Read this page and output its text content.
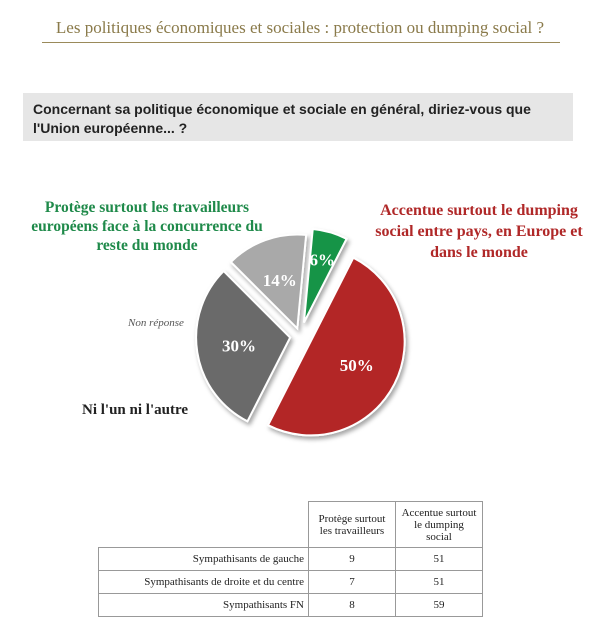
Les politiques économiques et sociales : protection ou dumping social ?
Concernant sa politique économique et sociale en général, diriez-vous que l'Union européenne... ?
50%
30%
14%
6%
Protège surtout les travailleurs européens face à la concurrence du reste du monde
Accentue surtout le dumping social entre pays, en Europe et dans le monde
Non réponse
Ni l'un ni l'autre
	Protège surtout les travailleurs	Accentue surtout le dumping social
Sympathisants de gauche	9	51
Sympathisants de droite et du centre	7	51
Sympathisants FN	8	59
